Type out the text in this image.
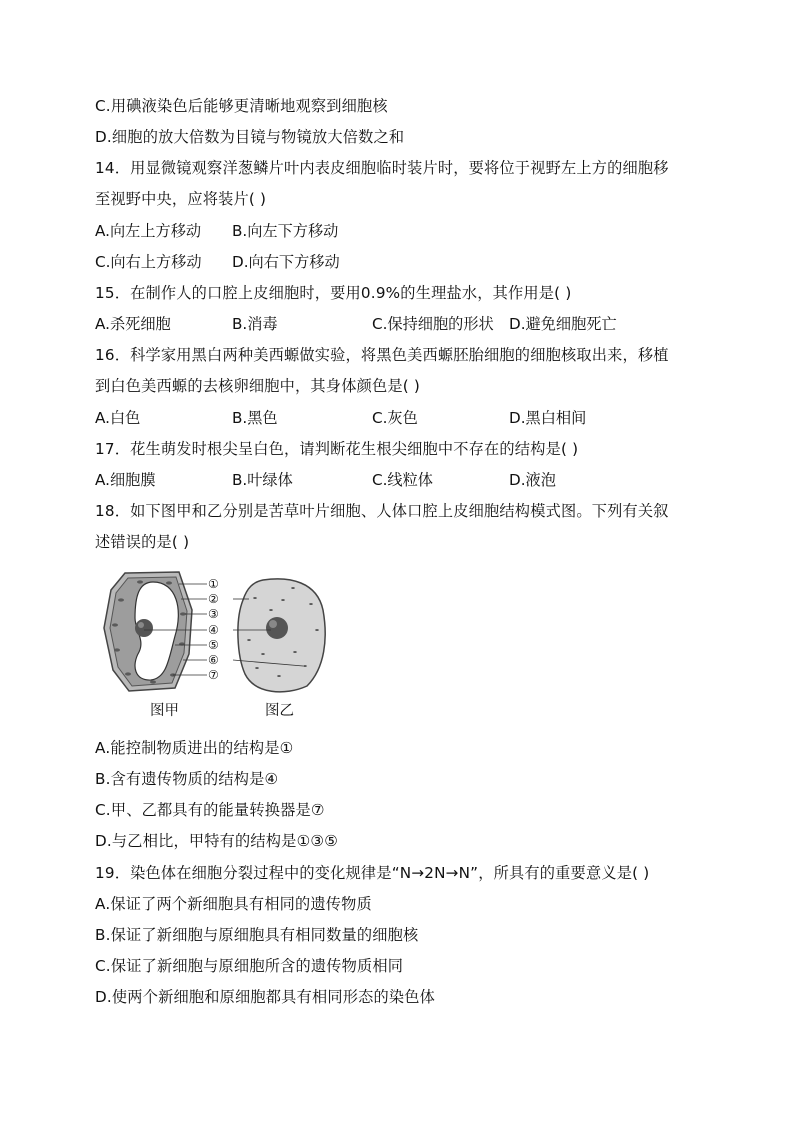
C.用碘液染色后能够更清晰地观察到细胞核
D.细胞的放大倍数为目镜与物镜放大倍数之和
14．用显微镜观察洋葱鳞片叶内表皮细胞临时装片时，要将位于视野左上方的细胞移
至视野中央，应将装片( )
A.向左上方移动 B.向左下方移动
C.向右上方移动 D.向右下方移动
15．在制作人的口腔上皮细胞时，要用0.9%的生理盐水，其作用是( )
A.杀死细胞	B.消毒	C.保持细胞的形状 D.避免细胞死亡
16．科学家用黑白两种美西螈做实验，将黑色美西螈胚胎细胞的细胞核取出来，移植
到白色美西螈的去核卵细胞中，其身体颜色是( )
A.白色	B.黑色	C.灰色	D.黑白相间
17．花生萌发时根尖呈白色，请判断花生根尖细胞中不存在的结构是( )
A.细胞膜	B.叶绿体	C.线粒体	D.液泡
18．如下图甲和乙分别是苦草叶片细胞、人体口腔上皮细胞结构模式图。下列有关叙
述错误的是( )
①
②
③
④
⑤
⑥
⑦
图甲	图乙
A.能控制物质进出的结构是①
B.含有遗传物质的结构是④
C.甲、乙都具有的能量转换器是⑦
D.与乙相比，甲特有的结构是①③⑤
19．染色体在细胞分裂过程中的变化规律是“N→2N→N”，所具有的重要意义是( )
A.保证了两个新细胞具有相同的遗传物质
B.保证了新细胞与原细胞具有相同数量的细胞核
C.保证了新细胞与原细胞所含的遗传物质相同
D.使两个新细胞和原细胞都具有相同形态的染色体
